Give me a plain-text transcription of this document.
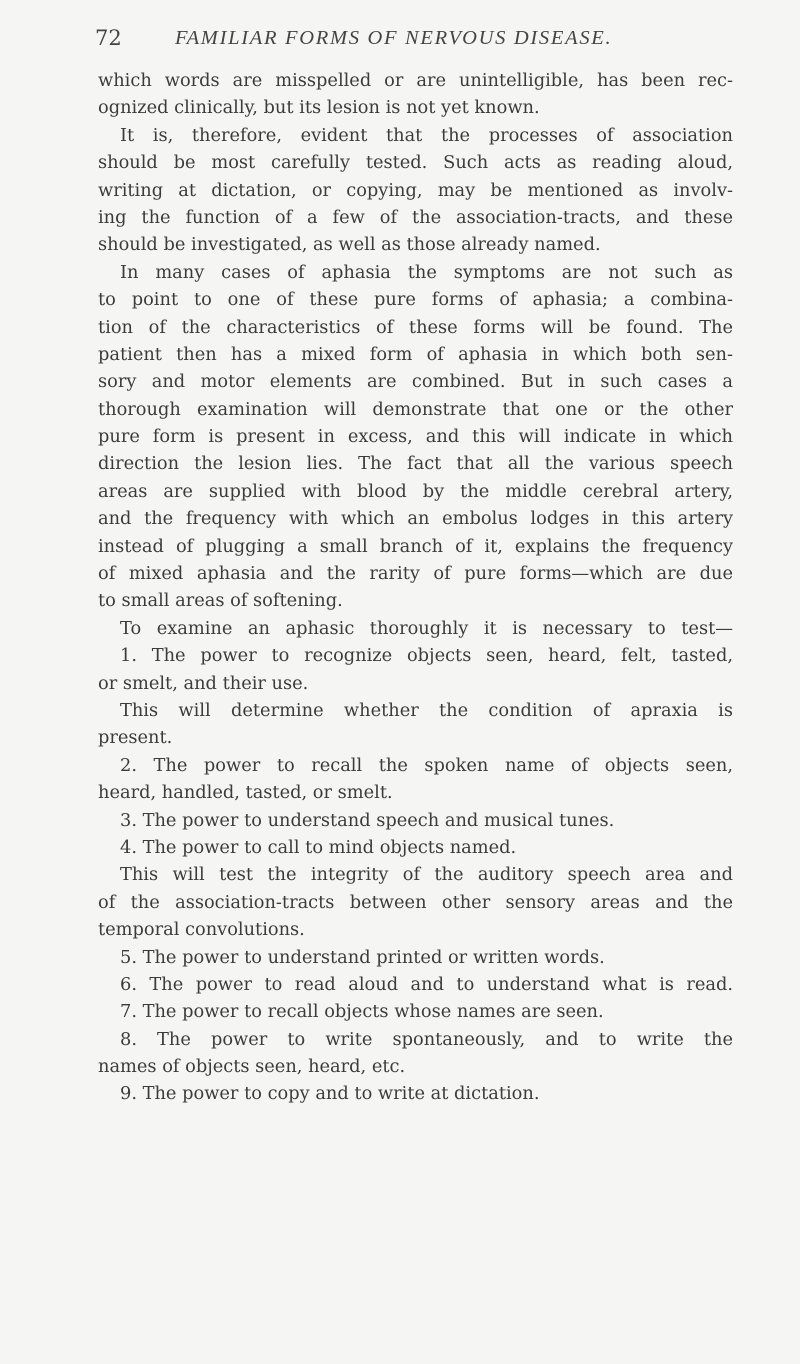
72	FAMILIAR FORMS OF NERVOUS DISEASE.
which words are misspelled or are unintelligible, has been rec-
ognized clinically, but its lesion is not yet known.
It is, therefore, evident that the processes of association
should be most carefully tested. Such acts as reading aloud,
writing at dictation, or copying, may be mentioned as involv-
ing the function of a few of the association-tracts, and these
should be investigated, as well as those already named.
In many cases of aphasia the symptoms are not such as
to point to one of these pure forms of aphasia; a combina-
tion of the characteristics of these forms will be found. The
patient then has a mixed form of aphasia in which both sen-
sory and motor elements are combined. But in such cases a
thorough examination will demonstrate that one or the other
pure form is present in excess, and this will indicate in which
direction the lesion lies. The fact that all the various speech
areas are supplied with blood by the middle cerebral artery,
and the frequency with which an embolus lodges in this artery
instead of plugging a small branch of it, explains the frequency
of mixed aphasia and the rarity of pure forms—which are due
to small areas of softening.
To examine an aphasic thoroughly it is necessary to test—
1. The power to recognize objects seen, heard, felt, tasted,
or smelt, and their use.
This will determine whether the condition of apraxia is
present.
2. The power to recall the spoken name of objects seen,
heard, handled, tasted, or smelt.
3. The power to understand speech and musical tunes.
4. The power to call to mind objects named.
This will test the integrity of the auditory speech area and
of the association-tracts between other sensory areas and the
temporal convolutions.
5. The power to understand printed or written words.
6. The power to read aloud and to understand what is read.
7. The power to recall objects whose names are seen.
8. The power to write spontaneously, and to write the
names of objects seen, heard, etc.
9. The power to copy and to write at dictation.
